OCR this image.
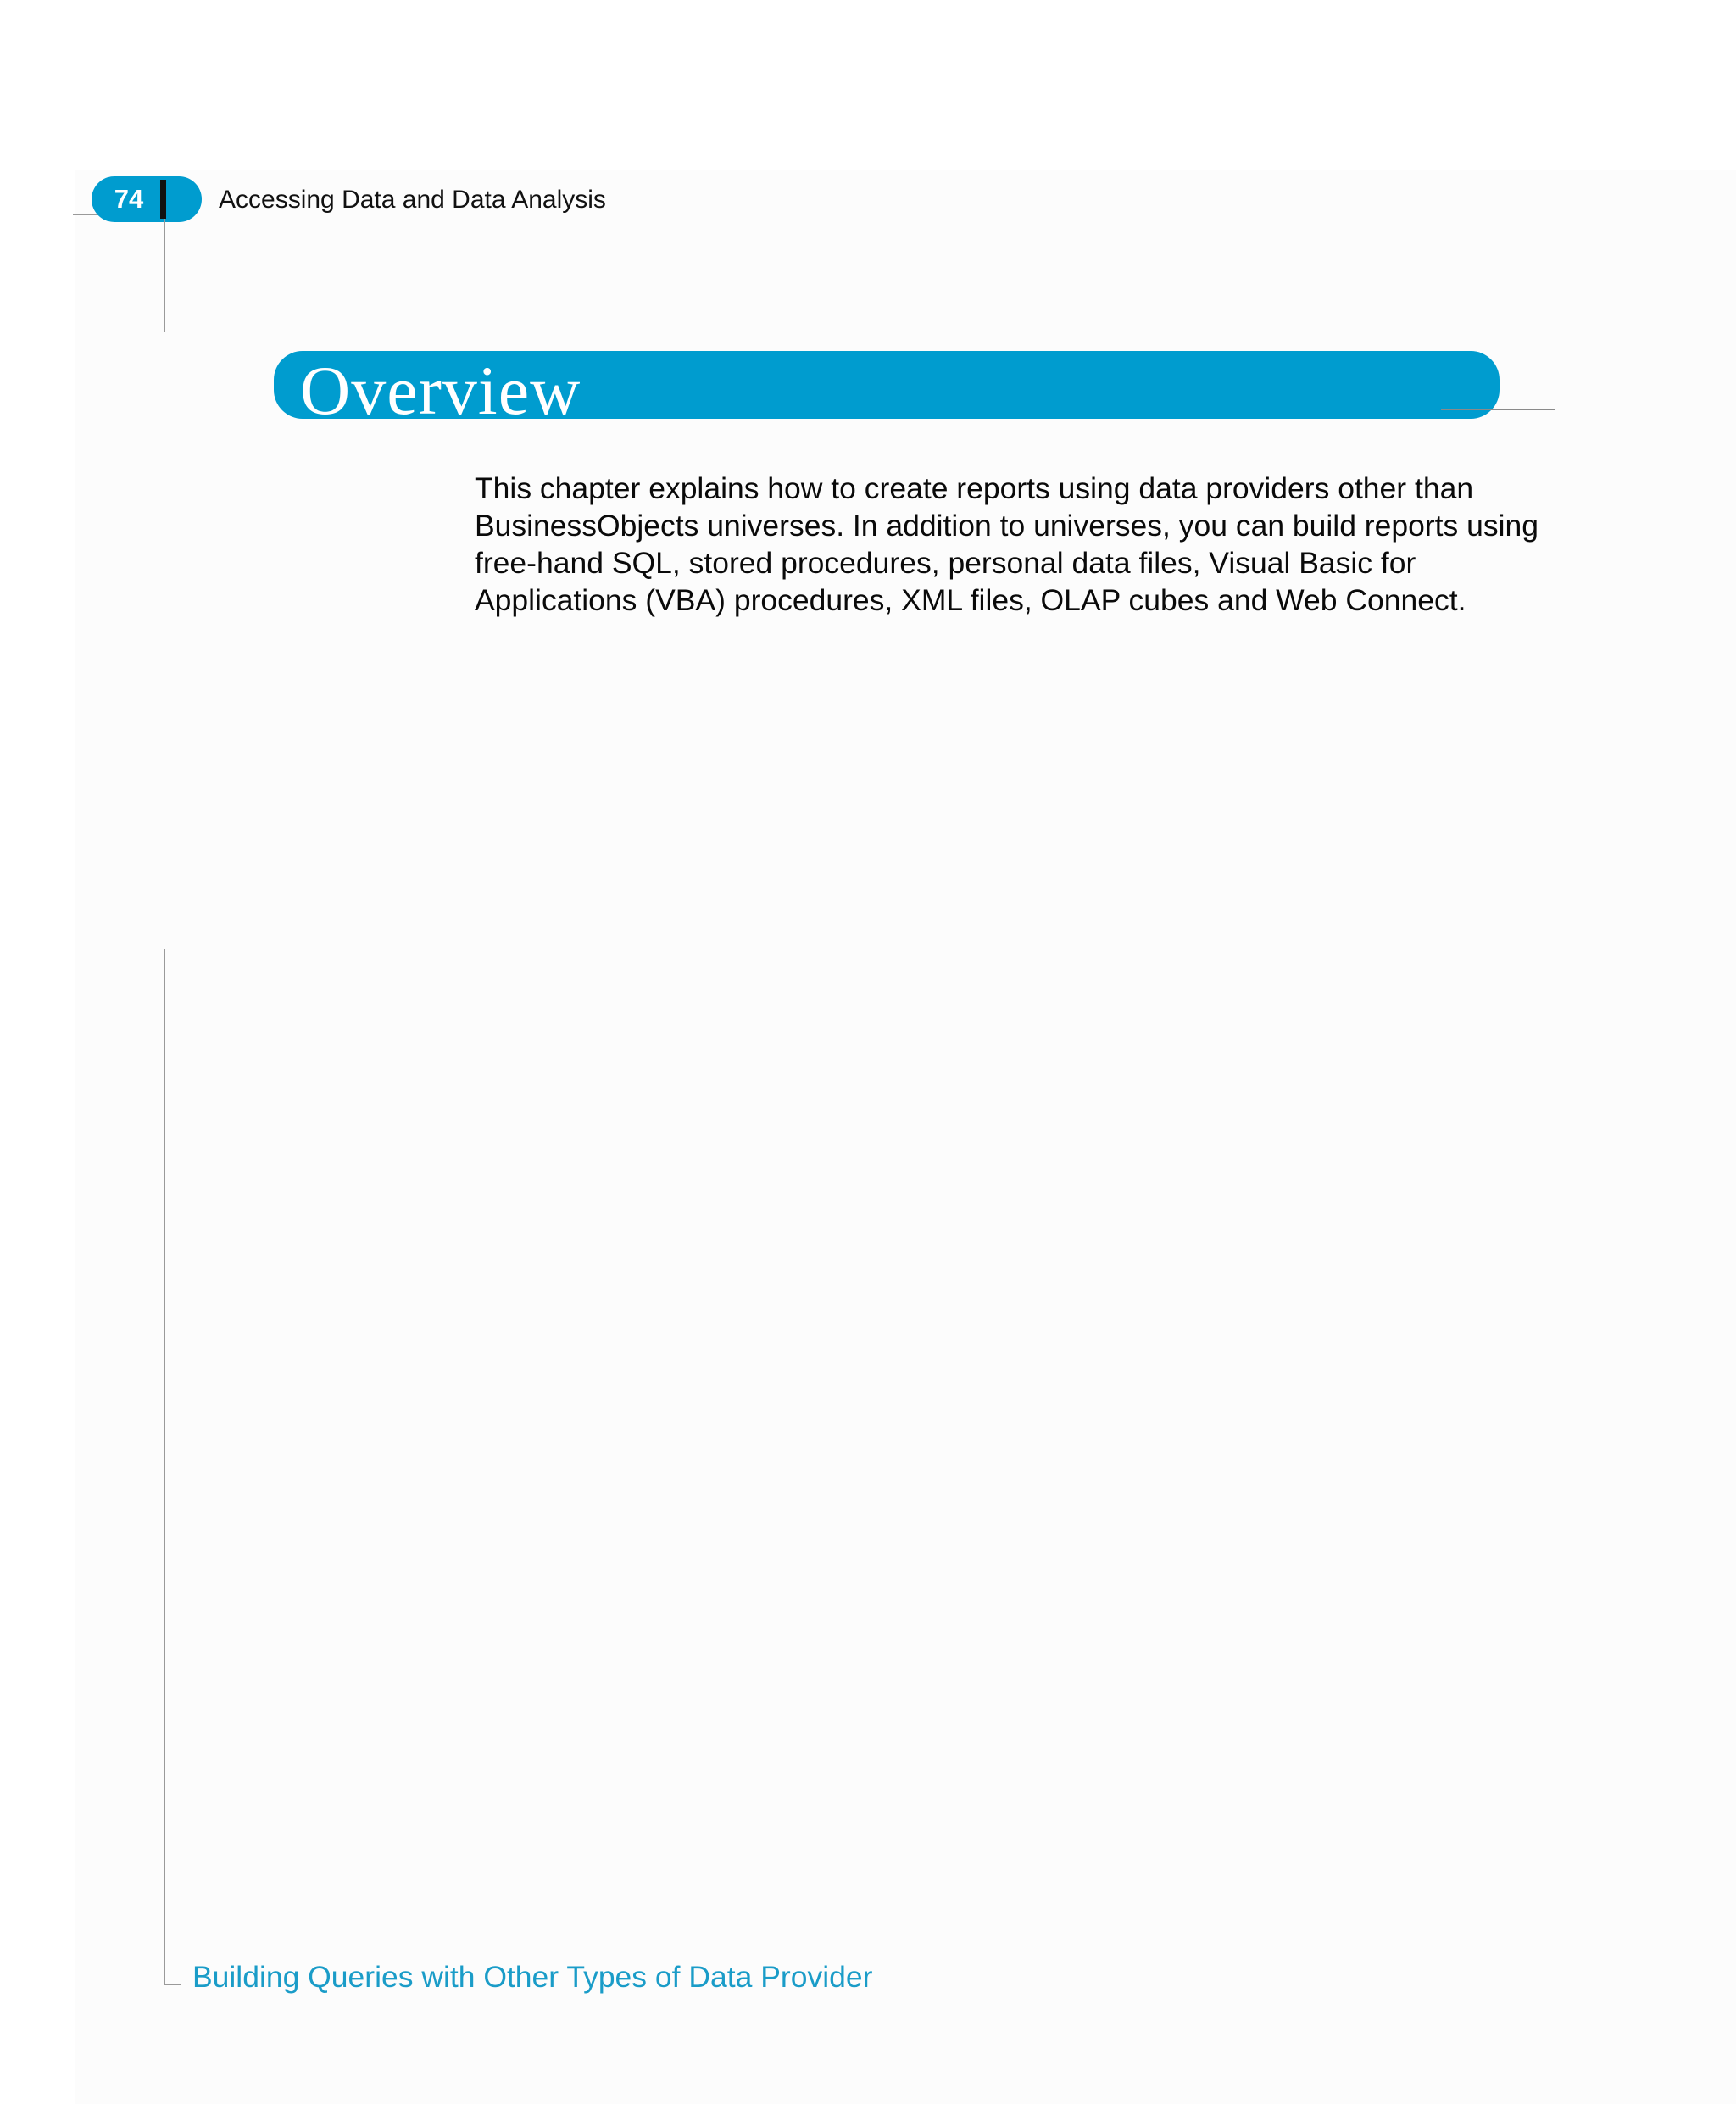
74	Accessing Data and Data Analysis
Overview

This chapter explains how to create reports using data providers other than

BusinessObjects universes. In addition to universes, you can build reports using

free-hand SQL, stored procedures, personal data files, Visual Basic for

Applications (VBA) procedures, XML files, OLAP cubes and Web Connect.

Building Queries with Other Types of Data Provider
